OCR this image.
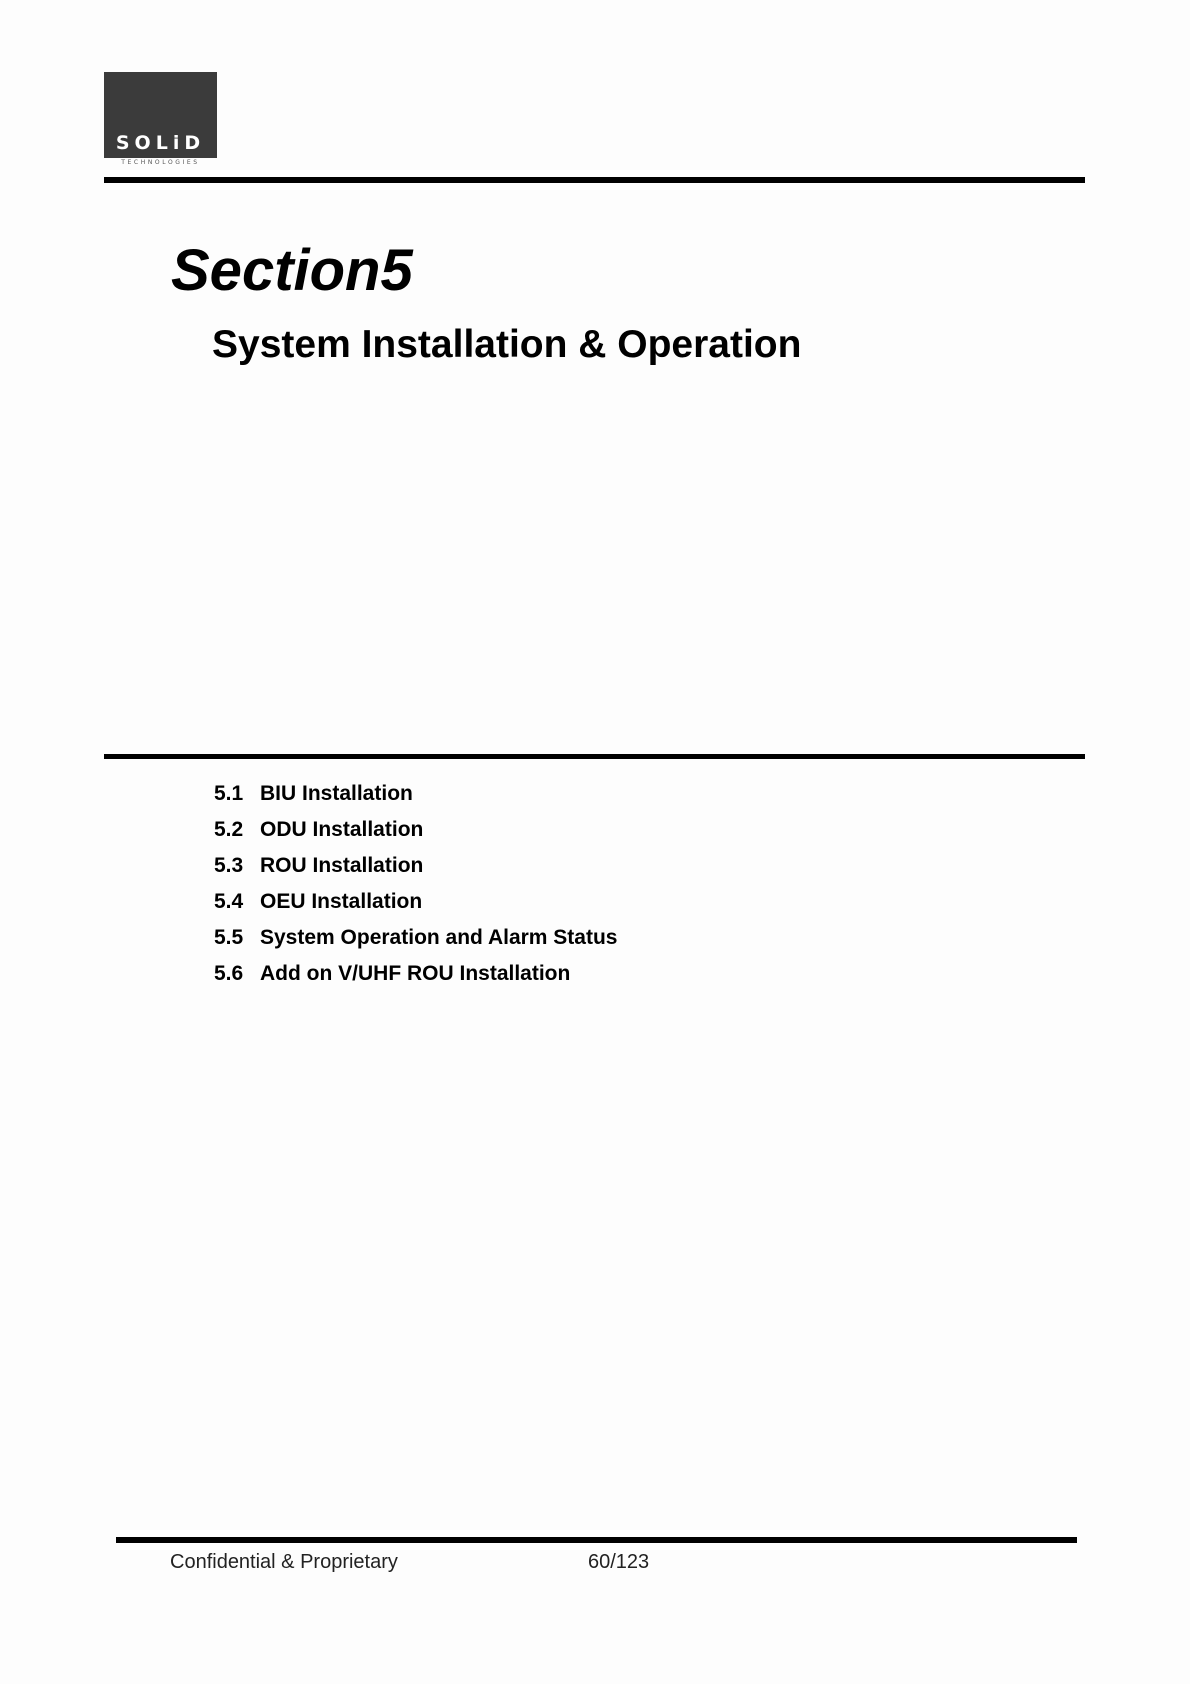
SOLiD
TECHNOLOGIES
Section5
System Installation & Operation
5.1 BIU Installation
5.2 ODU Installation
5.3 ROU Installation
5.4 OEU Installation
5.5 System Operation and Alarm Status
5.6 Add on V/UHF ROU Installation
Confidential & Proprietary	60/123
